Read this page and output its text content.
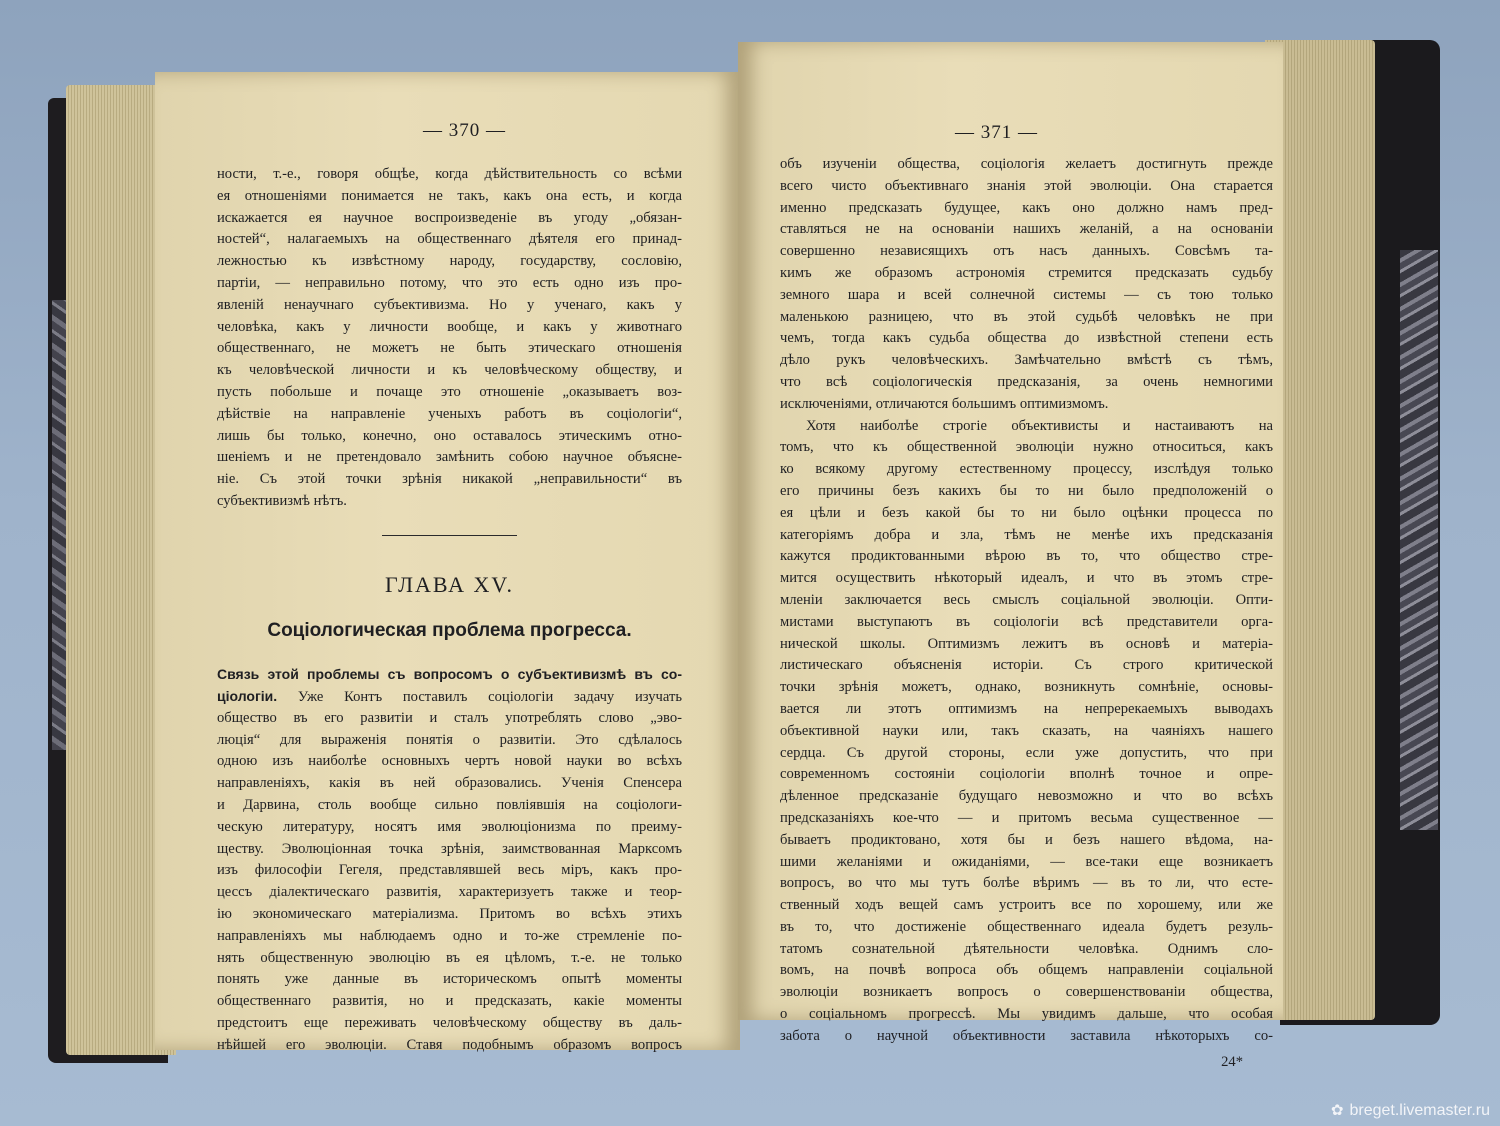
— 370 —
ности, т.-е., говоря общѣе, когда дѣйствительность со всѣми
ея отношеніями понимается не такъ, какъ она есть, и когда
искажается ея научное воспроизведеніе въ угоду „обязан-
ностей“, налагаемыхъ на общественнаго дѣятеля его принад-
лежностью къ извѣстному народу, государству, сословію,
партіи, — неправильно потому, что это есть одно изъ про-
явленій ненаучнаго субъективизма. Но у ученаго, какъ у
человѣка, какъ у личности вообще, и какъ у животнаго
общественнаго, не можетъ не быть этическаго отношенія
къ человѣческой личности и къ человѣческому обществу, и
пусть побольше и почаще это отношеніе „оказываетъ воз-
дѣйствіе на направленіе ученыхъ работъ въ соціологіи“,
лишь бы только, конечно, оно оставалось этическимъ отно-
шеніемъ и не претендовало замѣнить собою научное объясне-
ніе. Съ этой точки зрѣнія никакой „неправильности“ въ
субъективизмѣ нѣтъ.
ГЛАВА XV.
Соціологическая проблема прогресса.
Связь этой проблемы съ вопросомъ о субъективизмѣ въ со-
ціологіи. Уже Контъ поставилъ соціологіи задачу изучать
общество въ его развитіи и сталъ употреблять слово „эво-
люція“ для выраженія понятія о развитіи. Это сдѣлалось
одною изъ наиболѣе основныхъ чертъ новой науки во всѣхъ
направленіяхъ, какія въ ней образовались. Ученія Спенсера
и Дарвина, столь вообще сильно повліявшія на соціологи-
ческую литературу, носятъ имя эволюціонизма по преиму-
ществу. Эволюціонная точка зрѣнія, заимствованная Марксомъ
изъ философіи Гегеля, представлявшей весь міръ, какъ про-
цессъ діалектическаго развитія, характеризуетъ также и теор-
ію экономическаго матеріализма. Притомъ во всѣхъ этихъ
направленіяхъ мы наблюдаемъ одно и то-же стремленіе по-
нять общественную эволюцію въ ея цѣломъ, т.-е. не только
понять уже данные въ историческомъ опытѣ моменты
общественнаго развитія, но и предсказать, какіе моменты
предстоитъ еще переживать человѣческому обществу въ даль-
нѣйшей его эволюціи. Ставя подобнымъ образомъ вопросъ
— 371 —
объ изученіи общества, соціологія желаетъ достигнуть прежде
всего чисто объективнаго знанія этой эволюціи. Она старается
именно предсказать будущее, какъ оно должно намъ пред-
ставляться не на основаніи нашихъ желаній, а на основаніи
совершенно независящихъ отъ насъ данныхъ. Совсѣмъ та-
кимъ же образомъ астрономія стремится предсказать судьбу
земного шара и всей солнечной системы — съ тою только
маленькою разницею, что въ этой судьбѣ человѣкъ не при
чемъ, тогда какъ судьба общества до извѣстной степени есть
дѣло рукъ человѣческихъ. Замѣчательно вмѣстѣ съ тѣмъ,
что всѣ соціологическія предсказанія, за очень немногими
исключеніями, отличаются большимъ оптимизмомъ.
Хотя наиболѣе строгіе объективисты и настаиваютъ на
томъ, что къ общественной эволюціи нужно относиться, какъ
ко всякому другому естественному процессу, изслѣдуя только
его причины безъ какихъ бы то ни было предположеній о
ея цѣли и безъ какой бы то ни было оцѣнки процесса по
категоріямъ добра и зла, тѣмъ не менѣе ихъ предсказанія
кажутся продиктованными вѣрою въ то, что общество стре-
мится осуществить нѣкоторый идеалъ, и что въ этомъ стре-
мленіи заключается весь смыслъ соціальной эволюціи. Опти-
мистами выступаютъ въ соціологіи всѣ представители орга-
нической школы. Оптимизмъ лежитъ въ основѣ и матеріа-
листическаго объясненія исторіи. Съ строго критической
точки зрѣнія можетъ, однако, возникнуть сомнѣніе, основы-
вается ли этотъ оптимизмъ на непререкаемыхъ выводахъ
объективной науки или, такъ сказать, на чаяніяхъ нашего
сердца. Съ другой стороны, если уже допустить, что при
современномъ состояніи соціологіи вполнѣ точное и опре-
дѣленное предсказаніе будущаго невозможно и что во всѣхъ
предсказаніяхъ кое-что — и притомъ весьма существенное —
бываетъ продиктовано, хотя бы и безъ нашего вѣдома, на-
шими желаніями и ожиданіями, — все-таки еще возникаетъ
вопросъ, во что мы тутъ болѣе вѣримъ — въ то ли, что есте-
ственный ходъ вещей самъ устроитъ все по хорошему, или же
въ то, что достиженіе общественнаго идеала будетъ резуль-
татомъ сознательной дѣятельности человѣка. Однимъ сло-
вомъ, на почвѣ вопроса объ общемъ направленіи соціальной
эволюціи возникаетъ вопросъ о совершенствованіи общества,
о соціальномъ прогрессѣ. Мы увидимъ дальше, что особая
забота о научной объективности заставила нѣкоторыхъ со-
24*
✿ breget.livemaster.ru
